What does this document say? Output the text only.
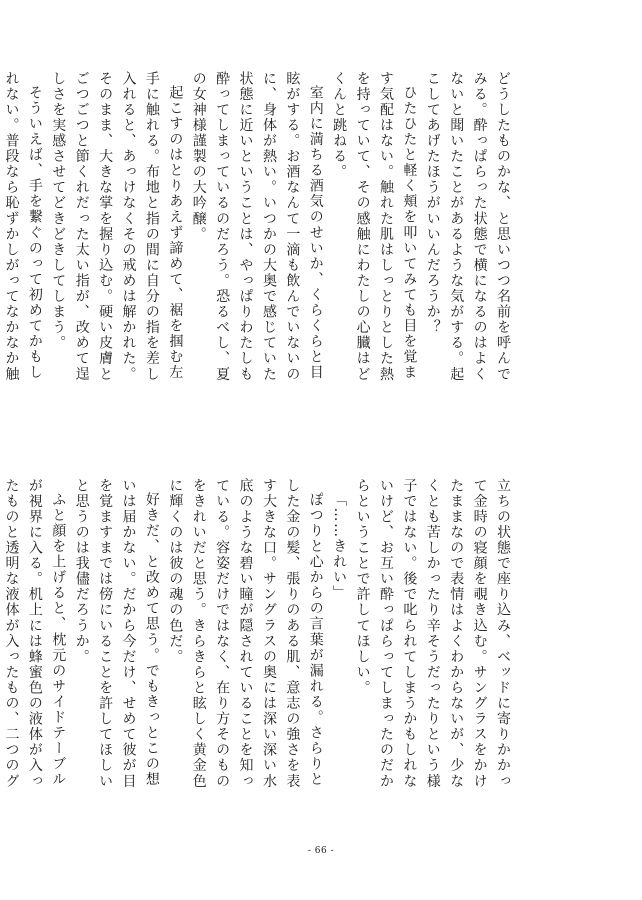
どうしたものかな、と思いつつ名前を呼んでみる。酔っぱらった状態で横になるのはよくないと聞いたことがあるような気がする。起こしてあげたほうがいいんだろうか？

ひたひたと軽く頬を叩いてみても目を覚ます気配はない。触れた肌はしっとりとした熱を持っていて、その感触にわたしの心臓はどくんと跳ねる。

室内に満ちる酒気のせいか、くらくらと目眩がする。お酒なんて一滴も飲んでいないのに、身体が熱い。いつかの大奥で感じていた状態に近いということは、やっぱりわたしも酔ってしまっているのだろう。恐るべし、夏の女神様謹製の大吟醸。

起こすのはとりあえず諦めて、裾を掴む左手に触れる。布地と指の間に自分の指を差し入れると、あっけなくその戒めは解かれた。そのまま、大きな掌を握り込む。硬い皮膚とごつごつと節くれだった太い指が、改めて逞しさを実感させてどきどきしてしまう。

そういえば、手を繋ぐのって初めてかもしれない。普段なら恥ずかしがってなかなか触

立ちの状態で座り込み、ベッドに寄りかかって金時の寝顔を覗き込む。サングラスをかけたままなので表情はよくわからないが、少なくとも苦しかったり辛そうだったりという様子ではない。後で叱られてしまうかもしれないけど、お互い酔っぱらってしまったのだからということで許してほしい。

「……きれい」

ぽつりと心からの言葉が漏れる。さらりとした金の髪、張りのある肌、意志の強さを表す大きな口。サングラスの奥には深い深い水底のような碧い瞳が隠されていることを知っている。容姿だけではなく、在り方そのものをきれいだと思う。きらきらと眩しく黄金色に輝くのは彼の魂の色だ。

好きだ、と改めて思う。でもきっとこの想いは届かない。だから今だけ、せめて彼が目を覚ますまでは傍にいることを許してほしいと思うのは我儘だろうか。

ふと顔を上げると、枕元のサイドテーブルが視界に入る。机上には蜂蜜色の液体が入ったものと透明な液体が入ったもの、二つのグ

- 66 -
